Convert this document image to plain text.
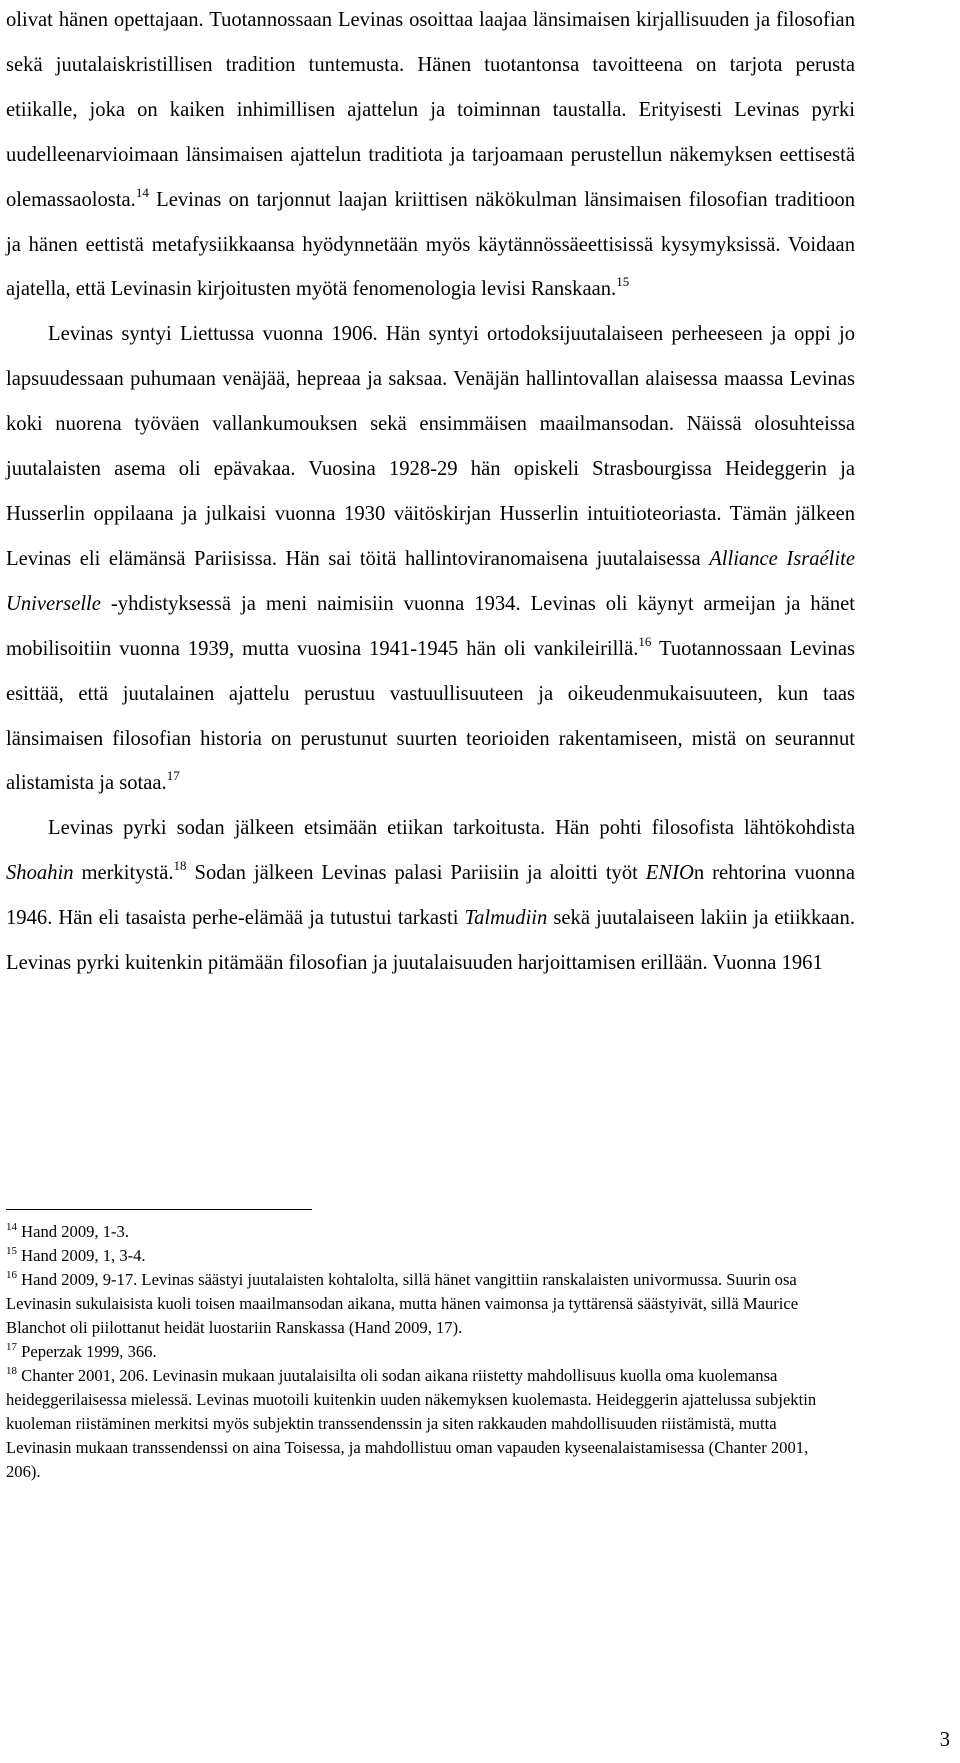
olivat hänen opettajaan. Tuotannossaan Levinas osoittaa laajaa länsimaisen kirjallisuuden ja filosofian sekä juutalaiskristillisen tradition tuntemusta. Hänen tuotantonsa tavoitteena on tarjota perusta etiikalle, joka on kaiken inhimillisen ajattelun ja toiminnan taustalla. Erityisesti Levinas pyrki uudelleenarvioimaan länsimaisen ajattelun traditiota ja tarjoamaan perustellun näkemyksen eettisestä olemassaolosta.$^{14}$ Levinas on tarjonnut laajan kriittisen näkökulman länsimaisen filosofian traditioon ja hänen eettistä metafysiikkaansa hyödynnetään myös käytännössäeettisissä kysymyksissä. Voidaan ajatella, että Levinasin kirjoitusten myötä fenomenologia levisi Ranskaan.$^{15}$

Levinas syntyi Liettussa vuonna 1906. Hän syntyi ortodoksijuutalaiseen perheeseen ja oppi jo lapsuudessaan puhumaan venäjää, hepreaa ja saksaa. Venäjän hallintovallan alaisessa maassa Levinas koki nuorena työväen vallankumouksen sekä ensimmäisen maailmansodan. Näissä olosuhteissa juutalaisten asema oli epävakaa. Vuosina 1928-29 hän opiskeli Strasbourgissa Heideggerin ja Husserlin oppilaana ja julkaisi vuonna 1930 väitöskirjan Husserlin intuitioteoriasta. Tämän jälkeen Levinas eli elämänsä Pariisissa. Hän sai töitä hallintoviranomaisena juutalaisessa Alliance Israélite Universelle -yhdistyksessä ja meni naimisiin vuonna 1934. Levinas oli käynyt armeijan ja hänet mobilisoitiin vuonna 1939, mutta vuosina 1941-1945 hän oli vankileirillä.$^{16}$ Tuotannossaan Levinas esittää, että juutalainen ajattelu perustuu vastuullisuuteen ja oikeudenmukaisuuteen, kun taas länsimaisen filosofian historia on perustunut suurten teorioiden rakentamiseen, mistä on seurannut alistamista ja sotaa.$^{17}$

Levinas pyrki sodan jälkeen etsimään etiikan tarkoitusta. Hän pohti filosofista lähtökohdista Shoahin merkitystä.$^{18}$ Sodan jälkeen Levinas palasi Pariisiin ja aloitti työt ENIOn rehtorina vuonna 1946. Hän eli tasaista perhe-elämää ja tutustui tarkasti Talmudiin sekä juutalaiseen lakiin ja etiikkaan. Levinas pyrki kuitenkin pitämään filosofian ja juutalaisuuden harjoittamisen erillään. Vuonna 1961

$^{14}$ Hand 2009, 1-3.

$^{15}$ Hand 2009, 1, 3-4.

$^{16}$ Hand 2009, 9-17. Levinas säästyi juutalaisten kohtalolta, sillä hänet vangittiin ranskalaisten univormussa. Suurin osa Levinasin sukulaisista kuoli toisen maailmansodan aikana, mutta hänen vaimonsa ja tyttärensä säästyivät, sillä Maurice Blanchot oli piilottanut heidät luostariin Ranskassa (Hand 2009, 17).

$^{17}$ Peperzak 1999, 366.

$^{18}$ Chanter 2001, 206. Levinasin mukaan juutalaisilta oli sodan aikana riistetty mahdollisuus kuolla oma kuolemansa heideggerilaisessa mielessä. Levinas muotoili kuitenkin uuden näkemyksen kuolemasta. Heideggerin ajattelussa subjektin kuoleman riistäminen merkitsi myös subjektin transsendenssin ja siten rakkauden mahdollisuuden riistämistä, mutta Levinasin mukaan transsendenssi on aina Toisessa, ja mahdollistuu oman vapauden kyseenalaistamisessa (Chanter 2001, 206).

3
